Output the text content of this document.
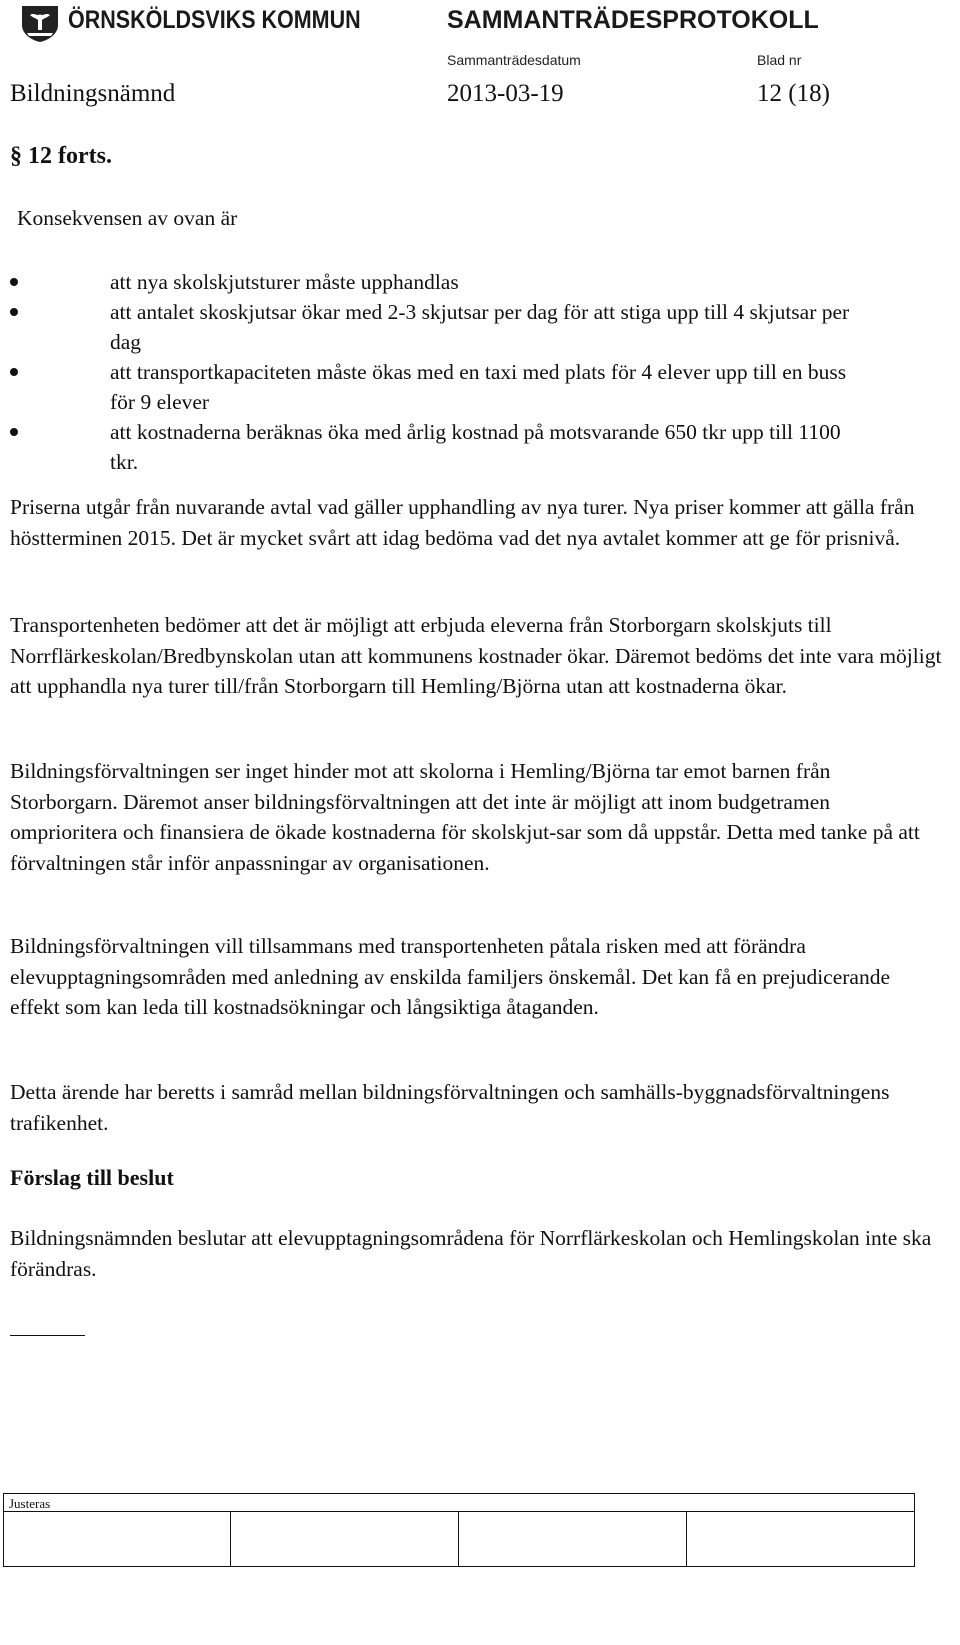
ÖRNSKÖLDSVIKS KOMMUN	SAMMANTRÄDESPROTOKOLL
Sammanträdesdatum	Blad nr
Bildningsnämnd	2013-03-19	12 (18)
§ 12 forts.
Konsekvensen av ovan är
att nya skolskjutsturer måste upphandlas
att antalet skoskjutsar ökar med 2-3 skjutsar per dag för att stiga upp till 4 skjutsar per dag
att transportkapaciteten måste ökas med en taxi med plats för 4 elever upp till en buss för 9 elever
att kostnaderna beräknas öka med årlig kostnad på motsvarande 650 tkr upp till 1100 tkr.

Priserna utgår från nuvarande avtal vad gäller upphandling av nya turer. Nya priser kommer att gälla från höstterminen 2015. Det är mycket svårt att idag bedöma vad det nya avtalet kommer att ge för prisnivå.

Transportenheten bedömer att det är möjligt att erbjuda eleverna från Storborgarn skolskjuts till Norrflärkeskolan/Bredbynskolan utan att kommunens kostnader ökar. Däremot bedöms det inte vara möjligt att upphandla nya turer till/från Storborgarn till Hemling/Björna utan att kostnaderna ökar.

Bildningsförvaltningen ser inget hinder mot att skolorna i Hemling/Björna tar emot barnen från Storborgarn. Däremot anser bildningsförvaltningen att det inte är möjligt att inom budgetramen omprioritera och finansiera de ökade kostnaderna för skolskjut-sar som då uppstår. Detta med tanke på att förvaltningen står inför anpassningar av organisationen.

Bildningsförvaltningen vill tillsammans med transportenheten påtala risken med att förändra elevupptagningsområden med anledning av enskilda familjers önskemål. Det kan få en prejudicerande effekt som kan leda till kostnadsökningar och långsiktiga åtaganden.

Detta ärende har beretts i samråd mellan bildningsförvaltningen och samhälls-byggnadsförvaltningens trafikenhet.

Förslag till beslut

Bildningsnämnden beslutar att elevupptagningsområdena för Norrflärkeskolan och Hemlingskolan inte ska förändras.

Justeras
